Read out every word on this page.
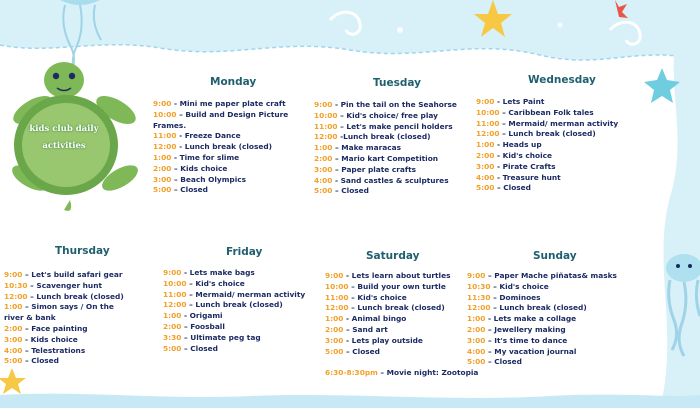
kids club daily activities
Monday
9:00 - Mini me paper plate craft
10:00 – Build and Design Picture
Frames.
11:00 - Freeze Dance
12:00 - Lunch break (closed)
1:00 - Time for slime
2:00 – Kids choice
3:00 – Beach Olympics
5:00 – Closed
Tuesday
9:00 - Pin the tail on the Seahorse
10:00 – Kid's choice/ free play
11:00 – Let's make pencil holders
12:00 -Lunch break (closed)
1:00 – Make maracas
2:00 – Mario kart Competition
3:00 – Paper plate crafts
4:00 - Sand castles & sculptures
5:00 – Closed
Wednesday
9:00 - Lets Paint
10:00 – Caribbean Folk tales
11:00 – Mermaid/ merman activity
12:00 – Lunch break (closed)
1:00 - Heads up
2:00 - Kid's choice
3:00 - Pirate Crafts
4:00 - Treasure hunt
5:00 – Closed
Thursday
9:00 – Let's build safari gear
10:30 – Scavenger hunt
12:00 – Lunch break (closed)
1:00 – Simon says / On the
river & bank
2:00 – Face painting
3:00 - Kids choice
4:00 – Telestrations
5:00 – Closed
Friday
9:00 - Lets make bags
10:00 – Kid's choice
11:00 – Mermaid/ merman activity
12:00 – Lunch break (closed)
1:00 - Origami
2:00 – Foosball
3:30 – Ultimate peg tag
5:00 – Closed
Saturday
9:00 - Lets learn about turtles
10:00 – Build your own turtle
11:00 – Kid's choice
12:00 – Lunch break (closed)
1:00 - Animal bingo
2:00 – Sand art
3:00 - Lets play outside
5:00 – Closed
Sunday
9:00 – Paper Mache piñatas& masks
10:30 – Kid's choice
11:30 – Dominoes
12:00 – Lunch break (closed)
1:00 - Lets make a collage
2:00 – Jewellery making
3:00 – It's time to dance
4:00 – My vacation journal
5:00 – Closed
6:30-8:30pm – Movie night: Zootopia
